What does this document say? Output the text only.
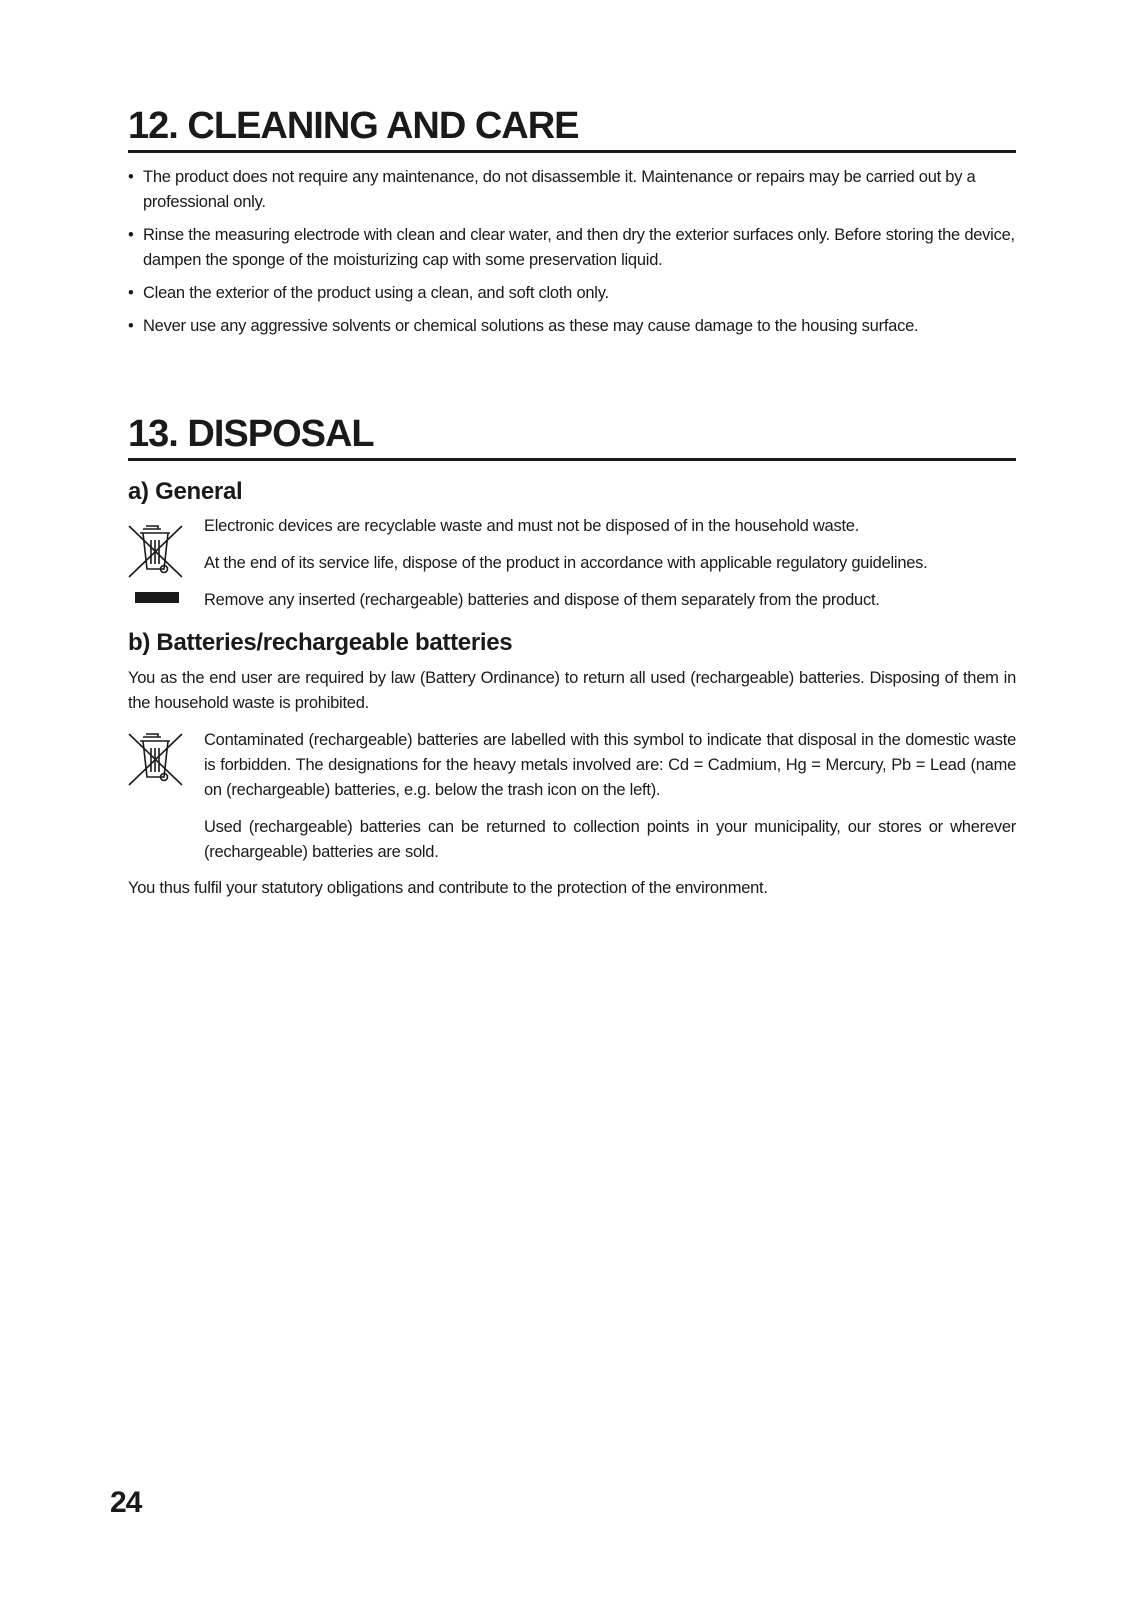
12. CLEANING AND CARE
• The product does not require any maintenance, do not disassemble it. Maintenance or repairs may be carried out by a professional only.
• Rinse the measuring electrode with clean and clear water, and then dry the exterior surfaces only. Before storing the device, dampen the sponge of the moisturizing cap with some preservation liquid.
• Clean the exterior of the product using a clean, and soft cloth only.
• Never use any aggressive solvents or chemical solutions as these may cause damage to the housing surface.
13. DISPOSAL
a) General

Electronic devices are recyclable waste and must not be disposed of in the household waste.

At the end of its service life, dispose of the product in accordance with applicable regulatory guidelines.

Remove any inserted (rechargeable) batteries and dispose of them separately from the product.

b) Batteries/rechargeable batteries

You as the end user are required by law (Battery Ordinance) to return all used (rechargeable) batteries. Disposing of them in the household waste is prohibited.

Contaminated (rechargeable) batteries are labelled with this symbol to indicate that disposal in the domestic waste is forbidden. The designations for the heavy metals involved are: Cd = Cadmium, Hg = Mercury, Pb = Lead (name on (rechargeable) batteries, e.g. below the trash icon on the left).

Used (rechargeable) batteries can be returned to collection points in your municipality, our stores or wherever (rechargeable) batteries are sold.

You thus fulfil your statutory obligations and contribute to the protection of the environment.

24
